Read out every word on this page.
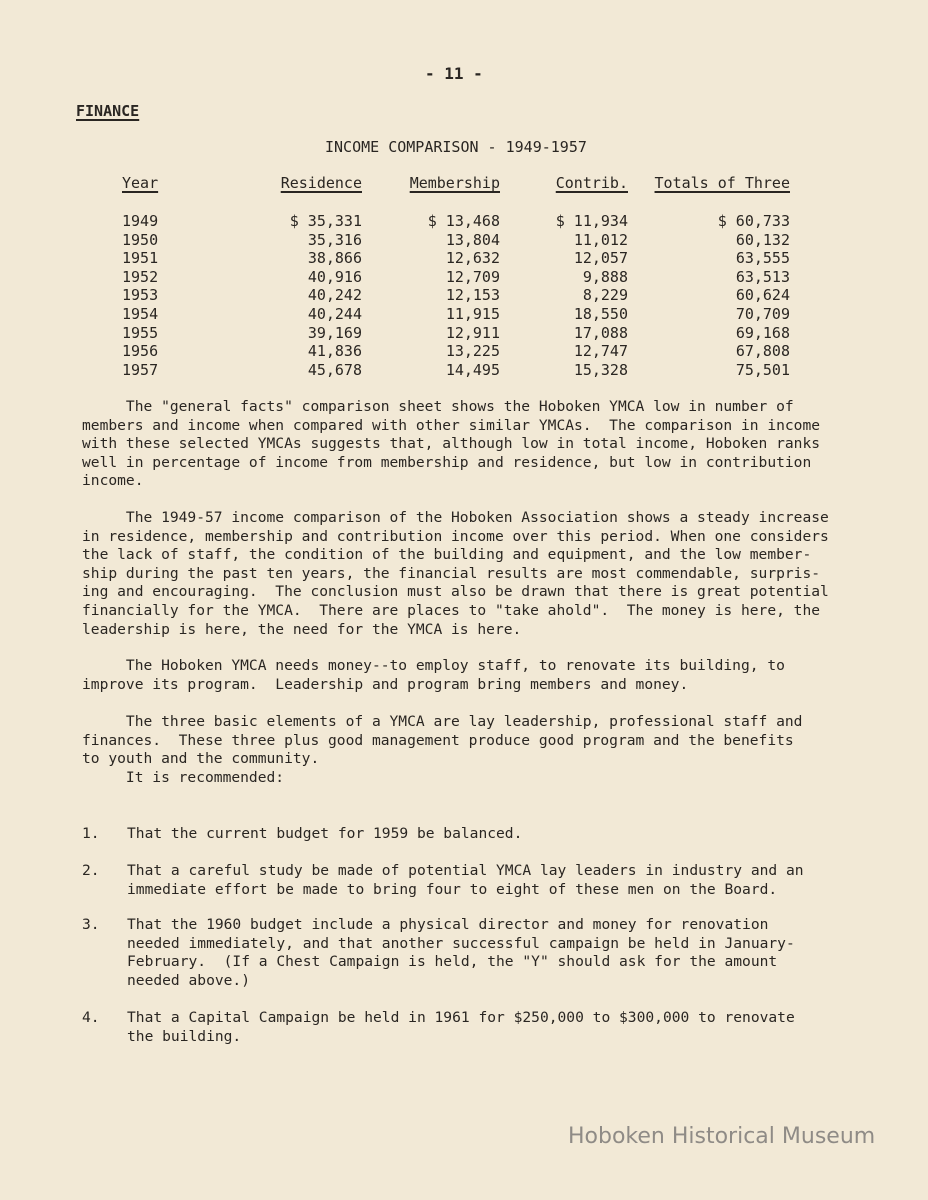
- 11 -
FINANCE
INCOME COMPARISON - 1949-1957
Year	Residence	Membership	Contrib.	Totals of Three
1949	$ 35,331	$ 13,468	$ 11,934	$ 60,733
1950	35,316	13,804	11,012	60,132
1951	38,866	12,632	12,057	63,555
1952	40,916	12,709	9,888	63,513
1953	40,242	12,153	8,229	60,624
1954	40,244	11,915	18,550	70,709
1955	39,169	12,911	17,088	69,168
1956	41,836	13,225	12,747	67,808
1957	45,678	14,495	15,328	75,501
The "general facts" comparison sheet shows the Hoboken YMCA low in number of
members and income when compared with other similar YMCAs.  The comparison in income
with these selected YMCAs suggests that, although low in total income, Hoboken ranks
well in percentage of income from membership and residence, but low in contribution
income.
The 1949-57 income comparison of the Hoboken Association shows a steady increase
in residence, membership and contribution income over this period. When one considers
the lack of staff, the condition of the building and equipment, and the low member-
ship during the past ten years, the financial results are most commendable, surpris-
ing and encouraging.  The conclusion must also be drawn that there is great potential
financially for the YMCA.  There are places to "take ahold".  The money is here, the
leadership is here, the need for the YMCA is here.
The Hoboken YMCA needs money--to employ staff, to renovate its building, to
improve its program.  Leadership and program bring members and money.
The three basic elements of a YMCA are lay leadership, professional staff and
finances.  These three plus good management produce good program and the benefits
to youth and the community.
It is recommended:
1. That the current budget for 1959 be balanced.
2. That a careful study be made of potential YMCA lay leaders in industry and an
immediate effort be made to bring four to eight of these men on the Board.
3. That the 1960 budget include a physical director and money for renovation
needed immediately, and that another successful campaign be held in January-
February.  (If a Chest Campaign is held, the "Y" should ask for the amount
needed above.)
4. That a Capital Campaign be held in 1961 for $250,000 to $300,000 to renovate
the building.
Hoboken Historical Museum
